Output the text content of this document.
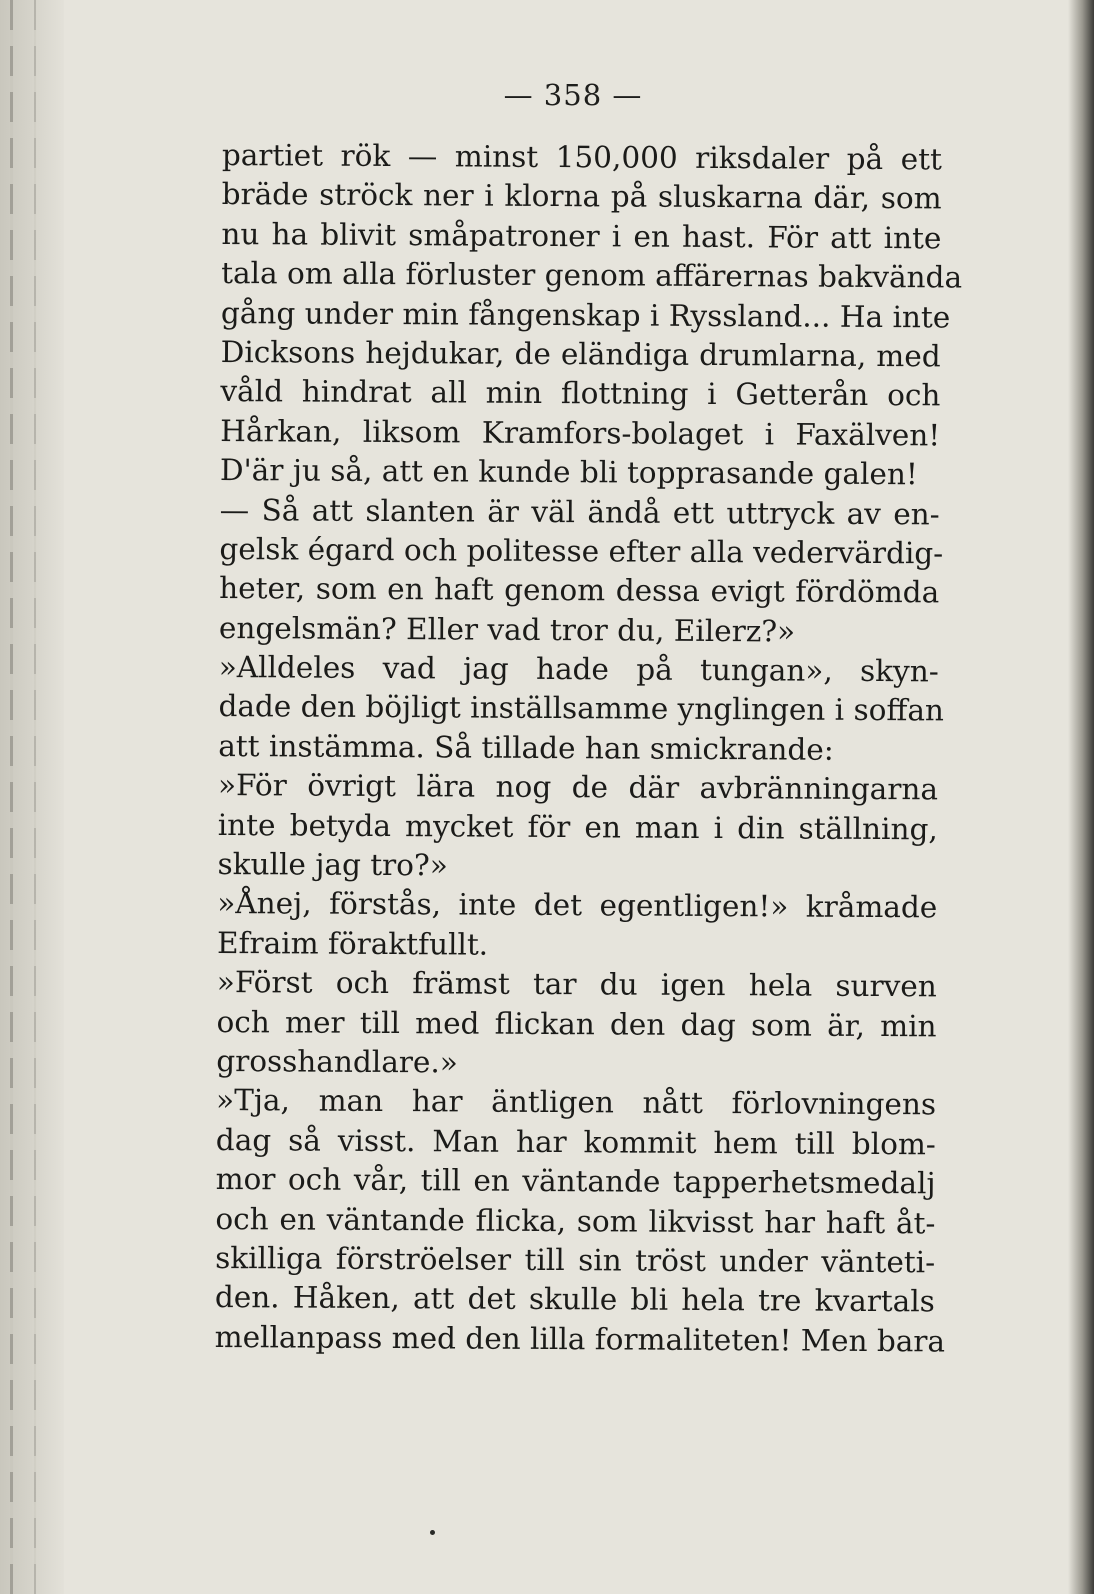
— 358 —
partiet rök — minst 150,000 riksdaler på ett
bräde ströck ner i klorna på sluskarna där, som
nu ha blivit småpatroner i en hast. För att inte
tala om alla förluster genom affärernas bakvända
gång under min fångenskap i Ryssland... Ha inte
Dicksons hejdukar, de eländiga drumlarna, med
våld hindrat all min flottning i Getterån och
Hårkan, liksom Kramfors-bolaget i Faxälven!
D'är ju så, att en kunde bli topprasande galen!
— Så att slanten är väl ändå ett uttryck av en-
gelsk égard och politesse efter alla vedervärdig-
heter, som en haft genom dessa evigt fördömda
engelsmän? Eller vad tror du, Eilerz?»
»Alldeles vad jag hade på tungan», skyn-
dade den böjligt inställsamme ynglingen i soffan
att instämma. Så tillade han smickrande:
»För övrigt lära nog de där avbränningarna
inte betyda mycket för en man i din ställning,
skulle jag tro?»
»Ånej, förstås, inte det egentligen!» kråmade
Efraim föraktfullt.
»Först och främst tar du igen hela surven
och mer till med flickan den dag som är, min
grosshandlare.»
»Tja, man har äntligen nått förlovningens
dag så visst. Man har kommit hem till blom-
mor och vår, till en väntande tapperhetsmedalj
och en väntande flicka, som likvisst har haft åt-
skilliga förströelser till sin tröst under vänteti-
den. Håken, att det skulle bli hela tre kvartals
mellanpass med den lilla formaliteten! Men bara
